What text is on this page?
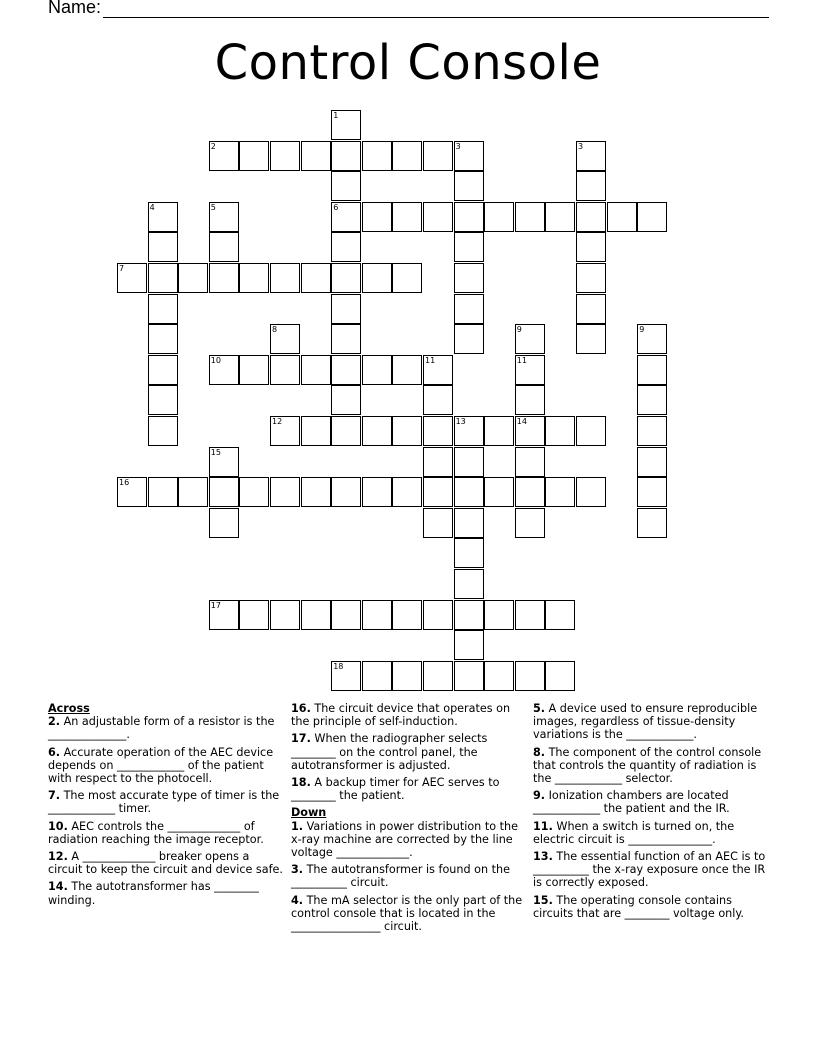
Name:
Control Console
1
6
2	3
4	5
7
8	9
11
14
10	11
12	13
15
16
17
18
9
3

Across

2. An adjustable form of a resistor is the ______________.

6. Accurate operation of the AEC device depends on ____________ of the patient with respect to the photocell.

7. The most accurate type of timer is the ____________ timer.

10. AEC controls the _____________ of radiation reaching the image receptor.

12. A _____________ breaker opens a circuit to keep the circuit and device safe.

14. The autotransformer has ________ winding.

16. The circuit device that operates on the principle of self-induction.

17. When the radiographer selects ________ on the control panel, the autotransformer is adjusted.

18. A backup timer for AEC serves to ________ the patient.

Down

1. Variations in power distribution to the x-ray machine are corrected by the line voltage _____________.

3. The autotransformer is found on the __________ circuit.

4. The mA selector is the only part of the control console that is located in the ________________ circuit.

5. A device used to ensure reproducible images, regardless of tissue-density variations is the ____________.

8. The component of the control console that controls the quantity of radiation is the ____________ selector.

9. Ionization chambers are located ____________ the patient and the IR.

11. When a switch is turned on, the electric circuit is _______________.

13. The essential function of an AEC is to __________ the x-ray exposure once the IR is correctly exposed.

15. The operating console contains circuits that are ________ voltage only.
